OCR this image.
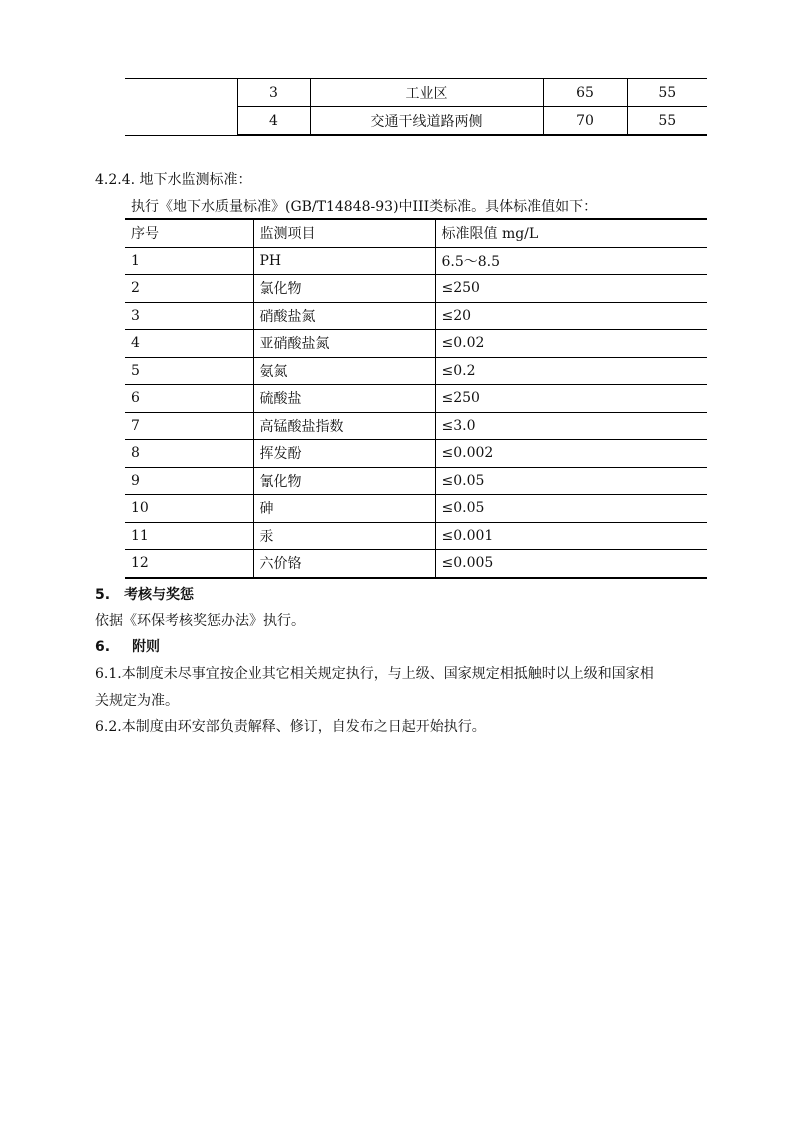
	3	工业区	65	55
	4	交通干线道路两侧	70	55
4.2.4. 地下水监测标准：
执行《地下水质量标准》(GB/T14848-93)中III类标准。具体标准值如下：
序号	监测项目	标准限值 mg/L
1	PH	6.5～8.5
2	氯化物	≤250
3	硝酸盐氮	≤20
4	亚硝酸盐氮	≤0.02
5	氨氮	≤0.2
6	硫酸盐	≤250
7	高锰酸盐指数	≤3.0
8	挥发酚	≤0.002
9	氰化物	≤0.05
10	砷	≤0.05
11	汞	≤0.001
12	六价铬	≤0.005
5. 考核与奖惩
依据《环保考核奖惩办法》执行。
6. 附则
6.1.本制度未尽事宜按企业其它相关规定执行，与上级、国家规定相抵触时以上级和国家相
关规定为准。
6.2.本制度由环安部负责解释、修订，自发布之日起开始执行。
